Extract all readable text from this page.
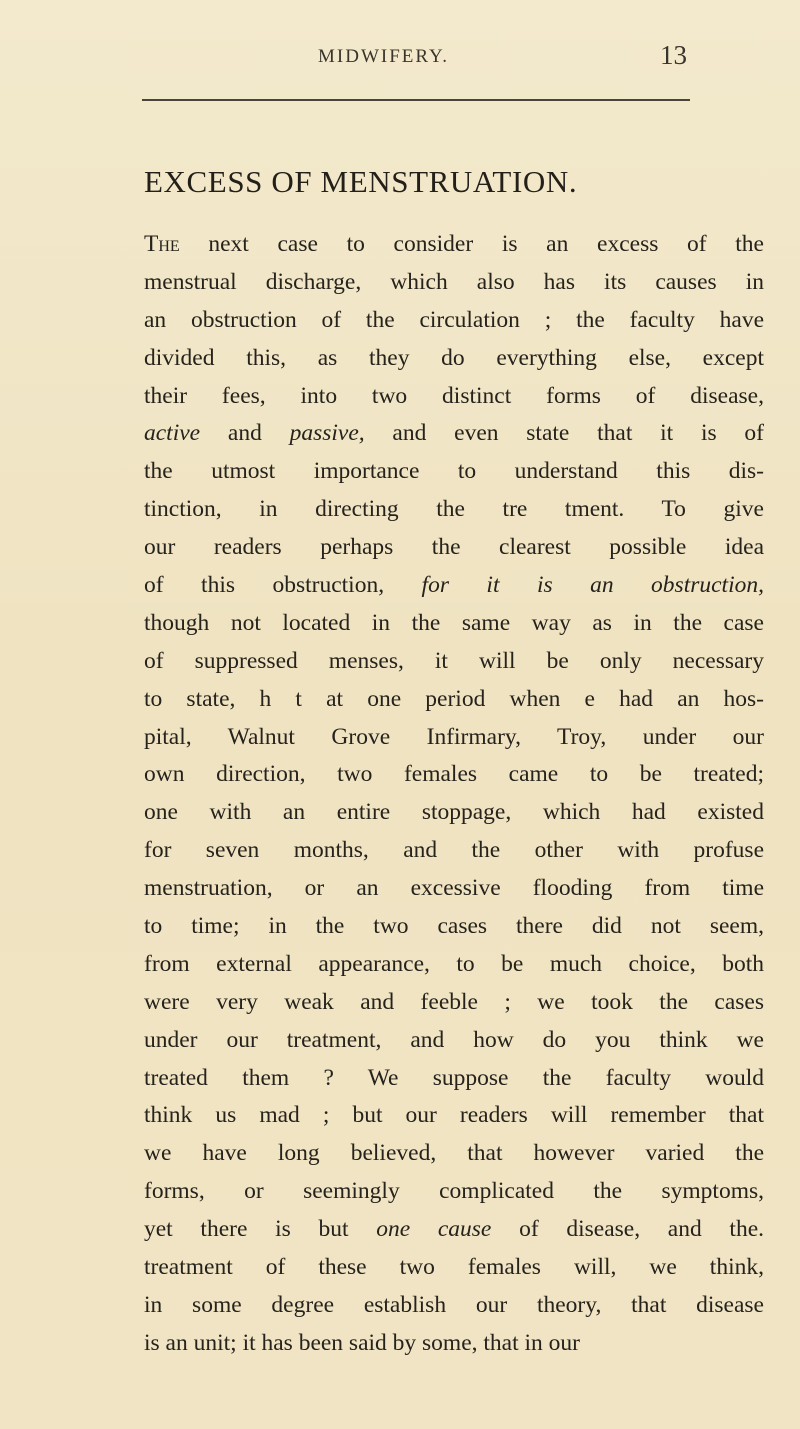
MIDWIFERY.	13
EXCESS OF MENSTRUATION.
The next case to consider is an excess of the
menstrual discharge, which also has its causes in
an obstruction of the circulation ; the faculty have
divided this, as they do everything else, except
their fees, into two distinct forms of disease,
active and passive, and even state that it is of
the utmost importance to understand this dis-
tinction, in directing the tre tment. To give
our readers perhaps the clearest possible idea
of this obstruction, for it is an obstruction,
though not located in the same way as in the case
of suppressed menses, it will be only necessary
to state, h t at one period when e had an hos-
pital, Walnut Grove Infirmary, Troy, under our
own direction, two females came to be treated;
one with an entire stoppage, which had existed
for seven months, and the other with profuse
menstruation, or an excessive flooding from time
to time; in the two cases there did not seem,
from external appearance, to be much choice, both
were very weak and feeble ; we took the cases
under our treatment, and how do you think we
treated them ? We suppose the faculty would
think us mad ; but our readers will remember that
we have long believed, that however varied the
forms, or seemingly complicated the symptoms,
yet there is but one cause of disease, and the.
treatment of these two females will, we think,
in some degree establish our theory, that disease
is an unit; it has been said by some, that in our
